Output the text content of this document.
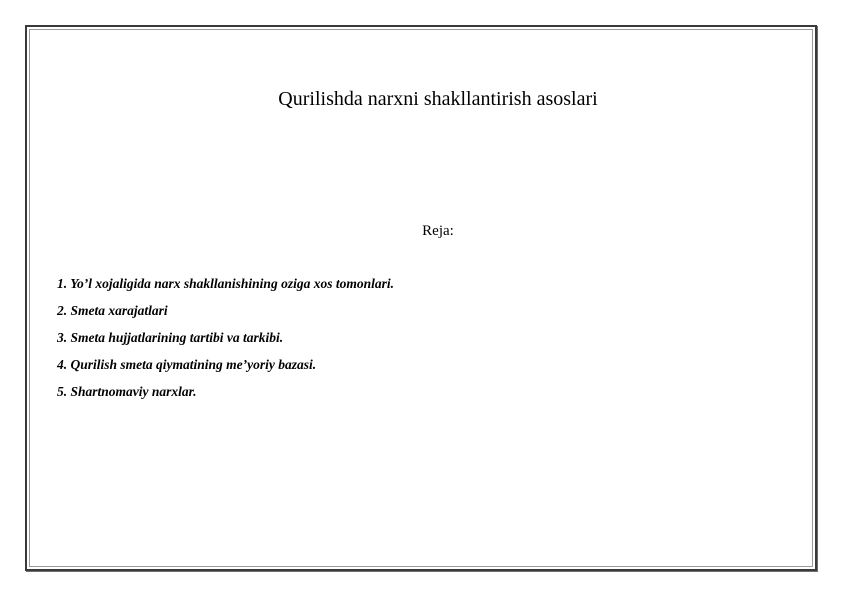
Qurilishda narxni shakllantirish asoslari

Reja:

1. Yo’l xojaligida narx shakllanishining oziga xos tomonlari.
2. Smeta xarajatlari
3. Smeta hujjatlarining tartibi va tarkibi.
4. Qurilish smeta qiymatining me’yoriy bazasi.
5. Shartnomaviy narxlar.
